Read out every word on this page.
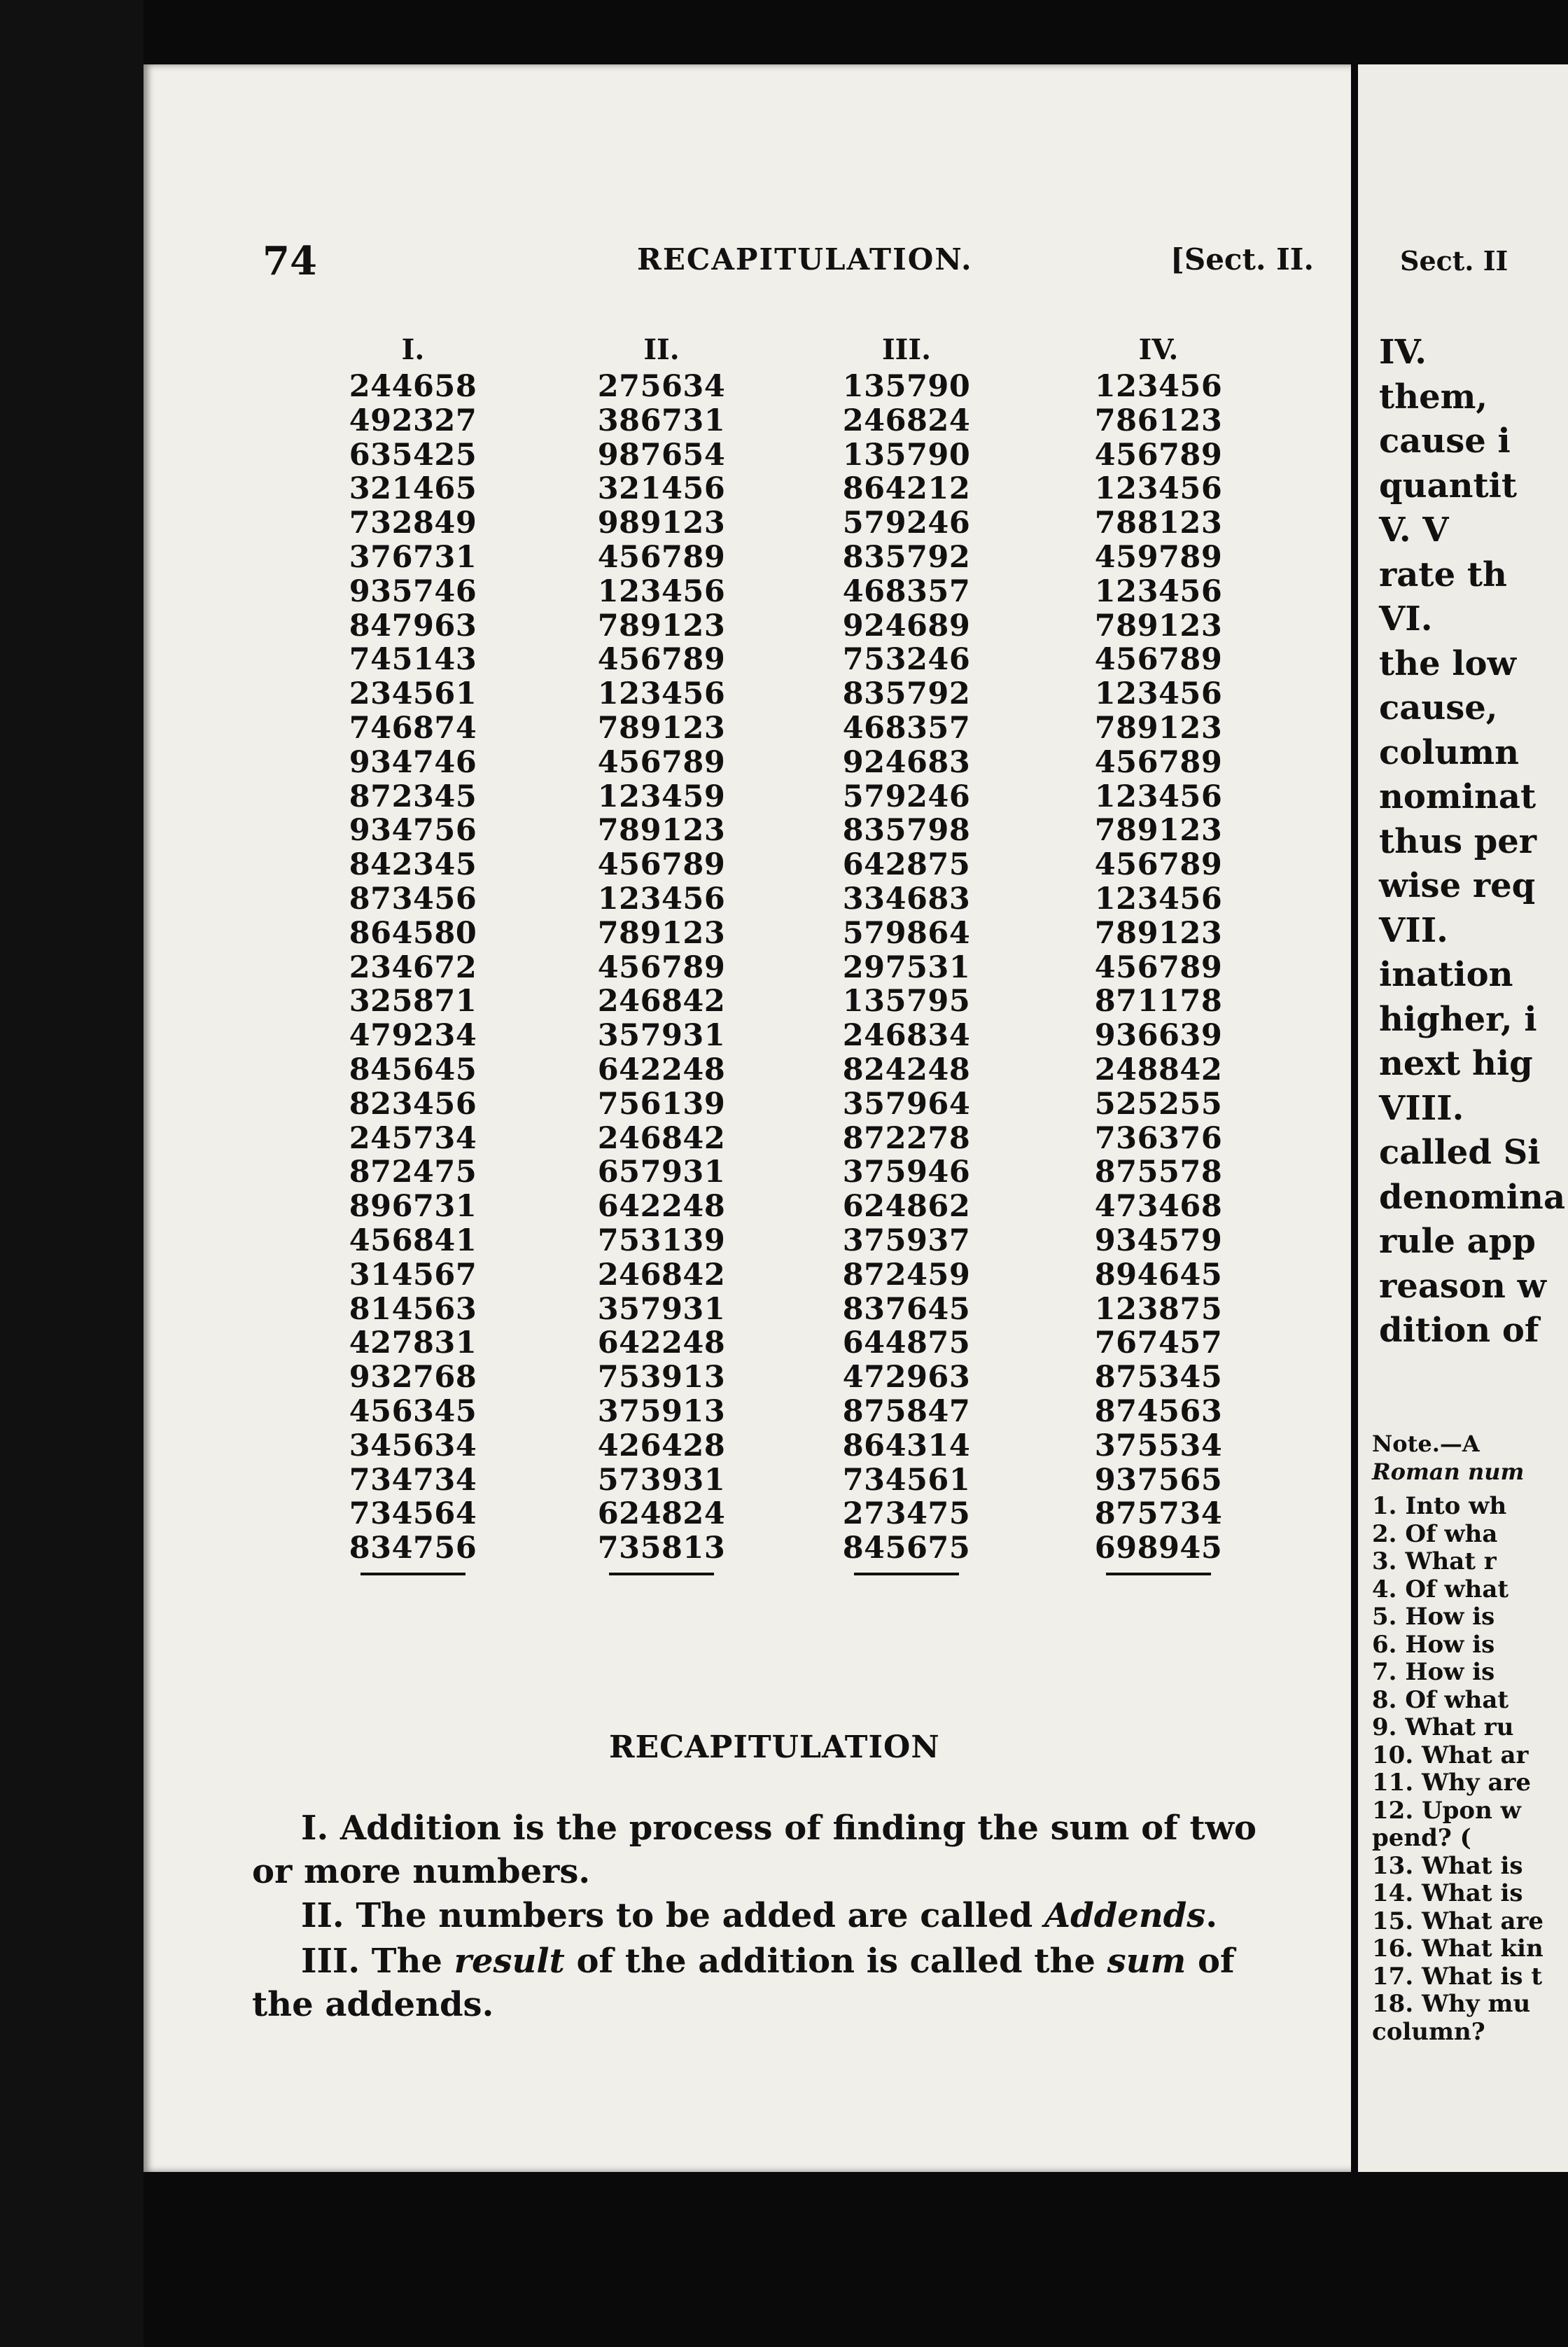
74	RECAPITULATION.	[Sect. II.
I.
244658
492327
635425
321465
732849
376731
935746
847963
745143
234561
746874
934746
872345
934756
842345
873456
864580
234672
325871
479234
845645
823456
245734
872475
896731
456841
314567
814563
427831
932768
456345
345634
734734
734564
834756
II.
275634
386731
987654
321456
989123
456789
123456
789123
456789
123456
789123
456789
123459
789123
456789
123456
789123
456789
246842
357931
642248
756139
246842
657931
642248
753139
246842
357931
642248
753913
375913
426428
573931
624824
735813
III.
135790
246824
135790
864212
579246
835792
468357
924689
753246
835792
468357
924683
579246
835798
642875
334683
579864
297531
135795
246834
824248
357964
872278
375946
624862
375937
872459
837645
644875
472963
875847
864314
734561
273475
845675
IV.
123456
786123
456789
123456
788123
459789
123456
789123
456789
123456
789123
456789
123456
789123
456789
123456
789123
456789
871178
936639
248842
525255
736376
875578
473468
934579
894645
123875
767457
875345
874563
375534
937565
875734
698945
RECAPITULATION
I. Addition is the process of finding the sum of two or more numbers.
II. The numbers to be added are called Addends.
III. The result of the addition is called the sum of the addends.
Sect. II
IV.
them,
cause i
quantit
V. V
rate th
VI.
the low
cause,
column
nominat
thus per
wise req
VII.
ination
higher, i
next hig
VIII.
called Si
denomina
rule app
reason w
dition of
Note.—A
Roman num
1. Into wh
2. Of wha
3. What r
4. Of what
5. How is
6. How is
7. How is
8. Of what
9. What ru
10. What ar
11. Why are
12. Upon w
pend? (
13. What is
14. What is
15. What are
16. What kin
17. What is t
18. Why mu
column?
